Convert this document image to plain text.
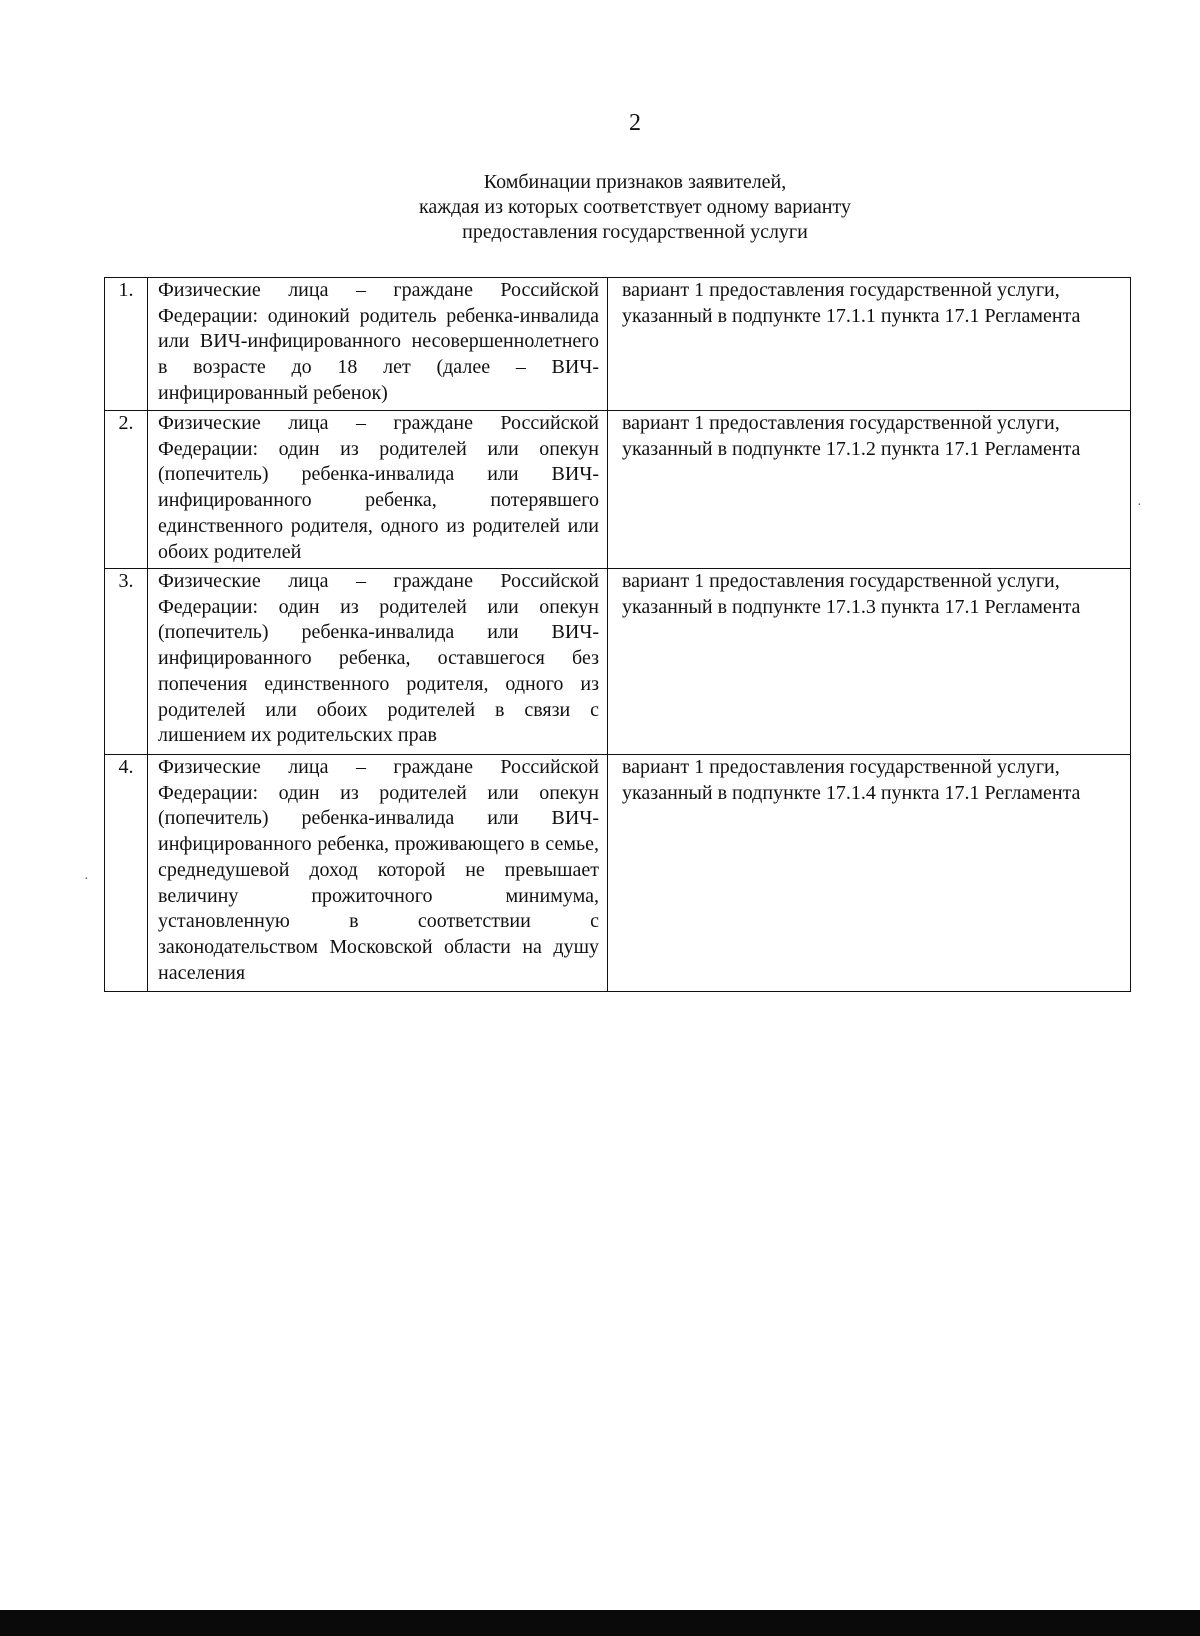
2
Комбинации признаков заявителей,
каждая из которых соответствует одному варианту
предоставления государственной услуги
1.	Физические лица – граждане Российской Федерации: одинокий родитель ребенка-инвалида или ВИЧ-инфицированного несовершеннолетнего в возрасте до 18 лет (далее – ВИЧ-инфицированный ребенок)	вариант 1 предоставления государственной услуги, указанный в подпункте 17.1.1 пункта 17.1 Регламента

2.	Физические лица – граждане Российской Федерации: один из родителей или опекун (попечитель) ребенка-инвалида или ВИЧ-инфицированного ребенка, потерявшего единственного родителя, одного из родителей или обоих родителей	вариант 1 предоставления государственной услуги, указанный в подпункте 17.1.2 пункта 17.1 Регламента

3.	Физические лица – граждане Российской Федерации: один из родителей или опекун (попечитель) ребенка-инвалида или ВИЧ-инфицированного ребенка, оставшегося без попечения единственного родителя, одного из родителей или обоих родителей в связи с лишением их родительских прав	вариант 1 предоставления государственной услуги, указанный в подпункте 17.1.3 пункта 17.1 Регламента

4.	Физические лица – граждане Российской Федерации: один из родителей или опекун (попечитель) ребенка-инвалида или ВИЧ-инфицированного ребенка, проживающего в семье, среднедушевой доход которой не превышает величину прожиточного минимума, установленную в соответствии с законодательством Московской области на душу населения	вариант 1 предоставления государственной услуги, указанный в подпункте 17.1.4 пункта 17.1 Регламента
·
·
